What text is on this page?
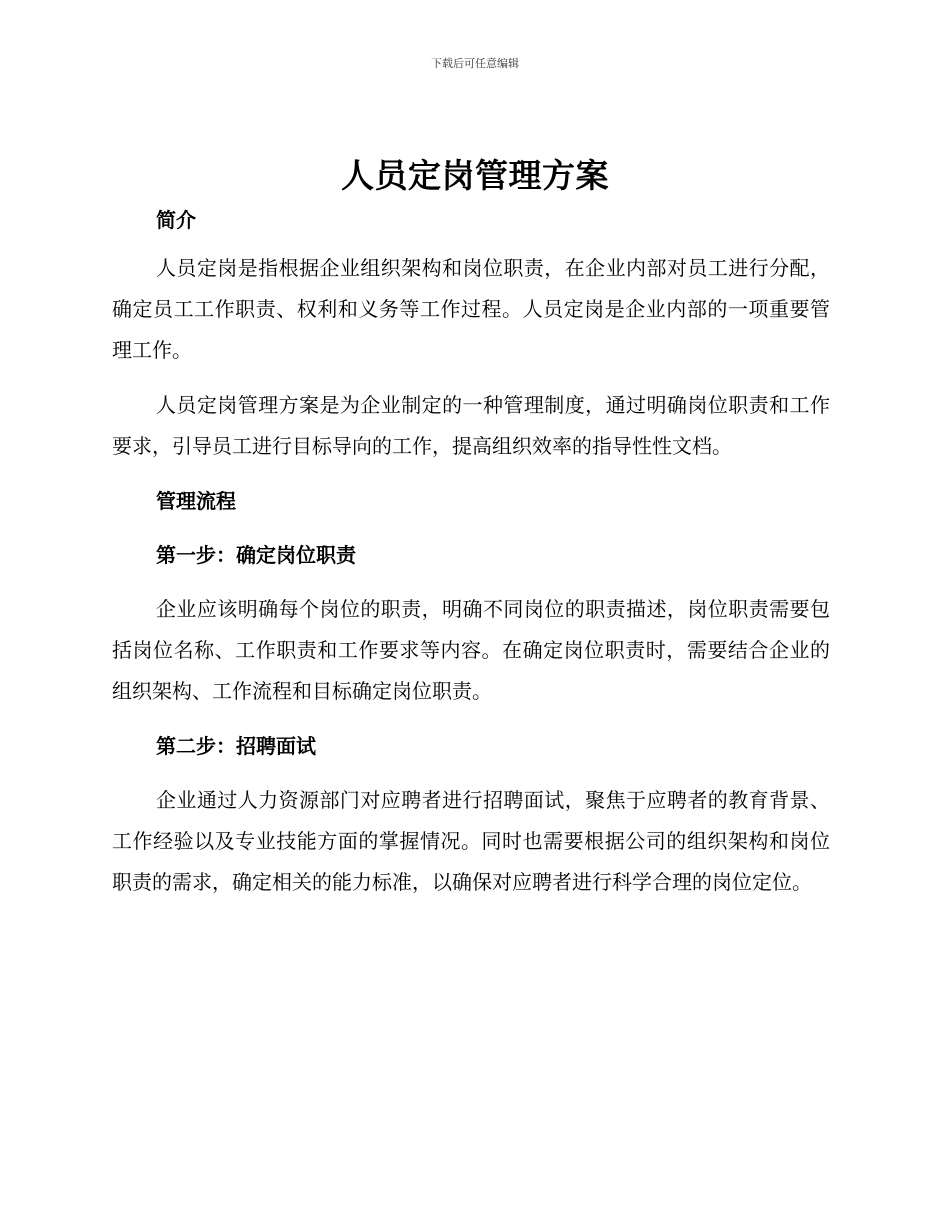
下载后可任意编辑
人员定岗管理方案
简介

人员定岗是指根据企业组织架构和岗位职责，在企业内部对员工进行分配，确定员工工作职责、权利和义务等工作过程。人员定岗是企业内部的一项重要管理工作。

人员定岗管理方案是为企业制定的一种管理制度，通过明确岗位职责和工作要求，引导员工进行目标导向的工作，提高组织效率的指导性性文档。

管理流程
第一步：确定岗位职责

企业应该明确每个岗位的职责，明确不同岗位的职责描述，岗位职责需要包括岗位名称、工作职责和工作要求等内容。在确定岗位职责时，需要结合企业的组织架构、工作流程和目标确定岗位职责。

第二步：招聘面试

企业通过人力资源部门对应聘者进行招聘面试，聚焦于应聘者的教育背景、工作经验以及专业技能方面的掌握情况。同时也需要根据公司的组织架构和岗位职责的需求，确定相关的能力标准，以确保对应聘者进行科学合理的岗位定位。
